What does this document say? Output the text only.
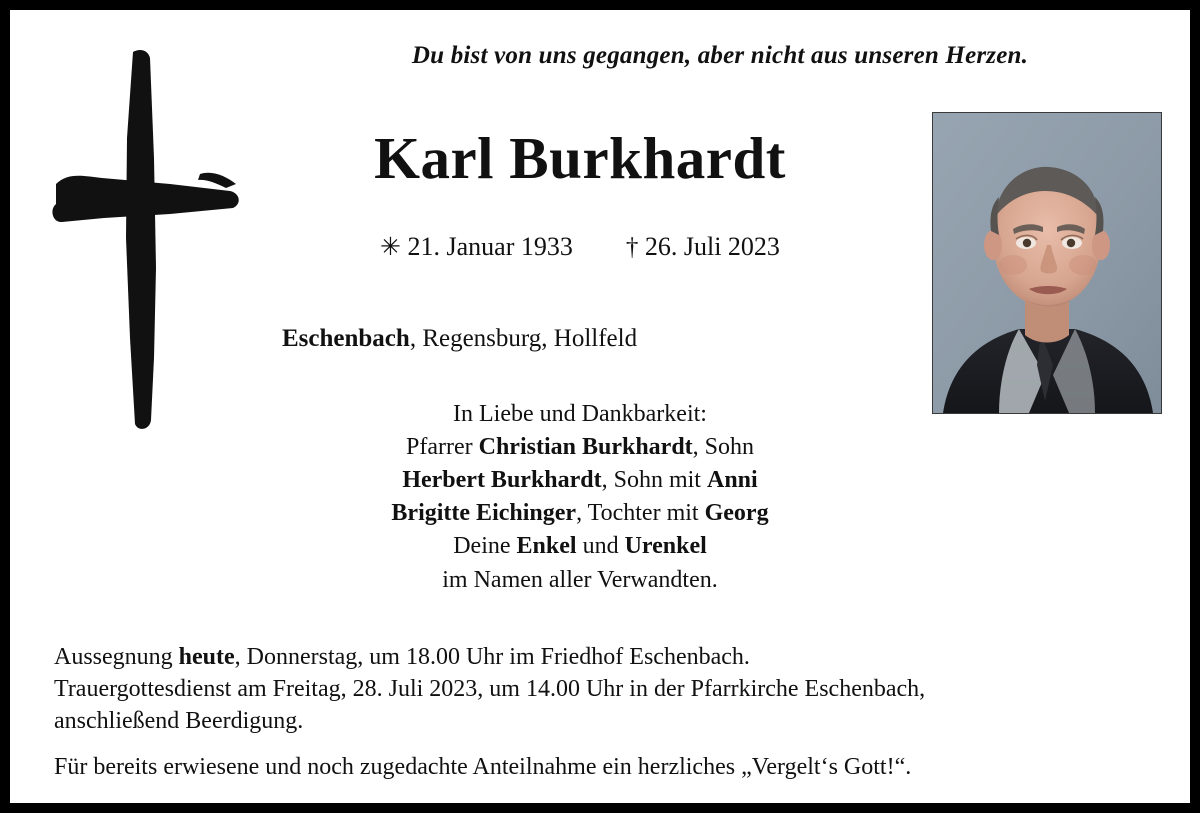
Du bist von uns gegangen, aber nicht aus unseren Herzen.
Karl Burkhardt
✳ 21. Januar 1933 † 26. Juli 2023
Eschenbach, Regensburg, Hollfeld
In Liebe und Dankbarkeit:
Pfarrer Christian Burkhardt, Sohn
Herbert Burkhardt, Sohn mit Anni
Brigitte Eichinger, Tochter mit Georg
Deine Enkel und Urenkel
im Namen aller Verwandten.

Aussegnung heute, Donnerstag, um 18.00 Uhr im Friedhof Eschenbach.

Trauergottesdienst am Freitag, 28. Juli 2023, um 14.00 Uhr in der Pfarrkirche Eschenbach,

anschließend Beerdigung.

Für bereits erwiesene und noch zugedachte Anteilnahme ein herzliches „Vergelt‘s Gott!“.
